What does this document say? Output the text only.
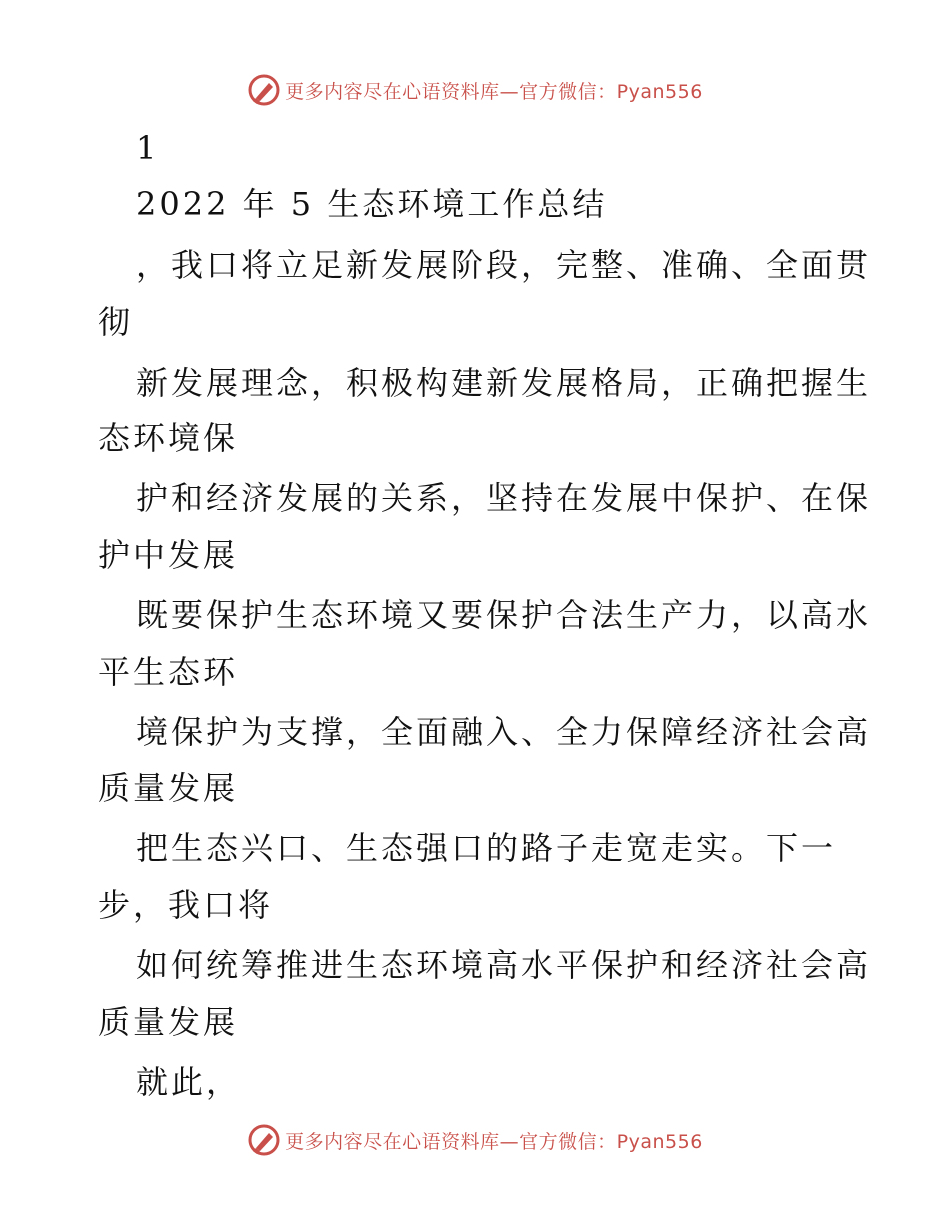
更多内容尽在心语资料库—官方微信：Pyan556
1
2022 年 5 生态环境工作总结
，我口将立足新发展阶段，完整、准确、全面贯
彻
新发展理念，积极构建新发展格局，正确把握生
态环境保
护和经济发展的关系，坚持在发展中保护、在保
护中发展
既要保护生态环境又要保护合法生产力，以高水
平生态环
境保护为支撑，全面融入、全力保障经济社会高
质量发展
把生态兴口、生态强口的路子走宽走实。下一
步，我口将
如何统筹推进生态环境高水平保护和经济社会高
质量发展
就此，
更多内容尽在心语资料库—官方微信：Pyan556
